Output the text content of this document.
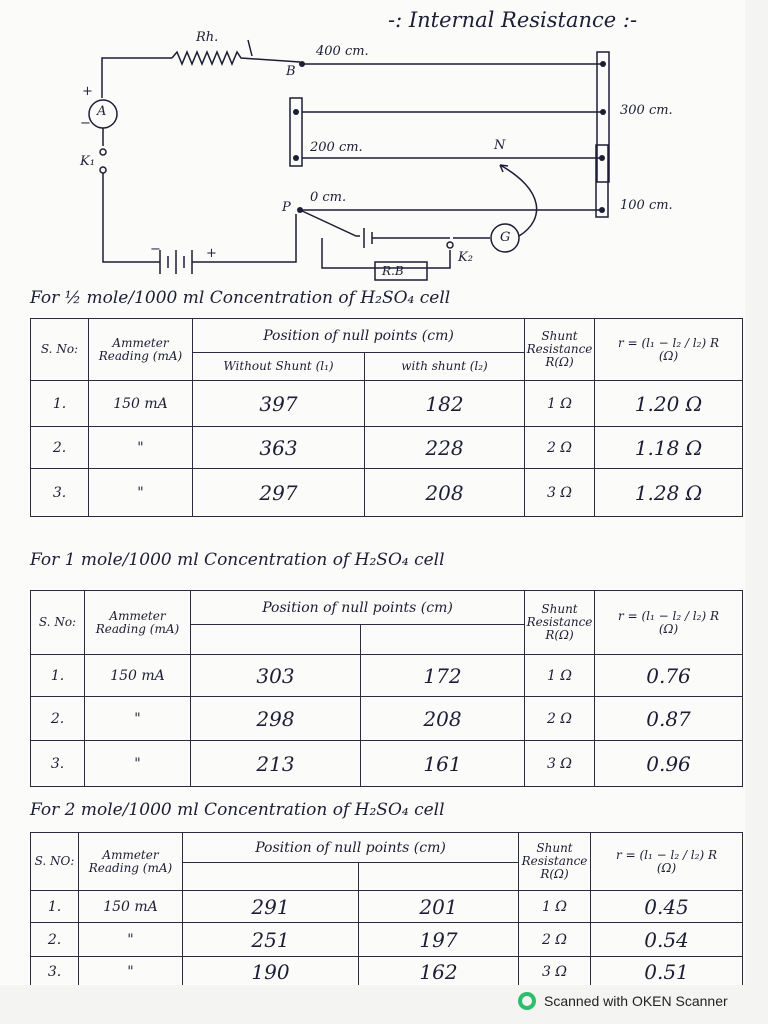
-: Internal Resistance :-
Rh.
B
400 cm.
300 cm.
200 cm.
100 cm.
0 cm.
P
N
A
+
−
K₁
+
−
K₂
G
R.B
For ½ mole/1000 ml Concentration of H₂SO₄ cell
S. No:	Ammeter Reading (mA)	Position of null points (cm)		Shunt Resistance R(Ω)	r = (l₁ − l₂ / l₂) R
(Ω)

		Without Shunt (l₁)	with shunt (l₂)		
1.	150 mA	397	182	1 Ω	1.20 Ω
2.	"	363	228	2 Ω	1.18 Ω
3.	"	297	208	3 Ω	1.28 Ω
For 1 mole/1000 ml Concentration of H₂SO₄ cell
S. No:	Ammeter Reading (mA)	Position of null points (cm)		Shunt Resistance R(Ω)	r = (l₁ − l₂ / l₂) R
(Ω)

1.	150 mA	303	172	1 Ω	0.76
2.	"	298	208	2 Ω	0.87
3.	"	213	161	3 Ω	0.96
For 2 mole/1000 ml Concentration of H₂SO₄ cell
S. NO:	Ammeter Reading (mA)	Position of null points (cm)		Shunt Resistance R(Ω)	r = (l₁ − l₂ / l₂) R
(Ω)

1.	150 mA	291	201	1 Ω	0.45
2.	"	251	197	2 Ω	0.54
3.	"	190	162	3 Ω	0.51
Scanned with OKEN Scanner
